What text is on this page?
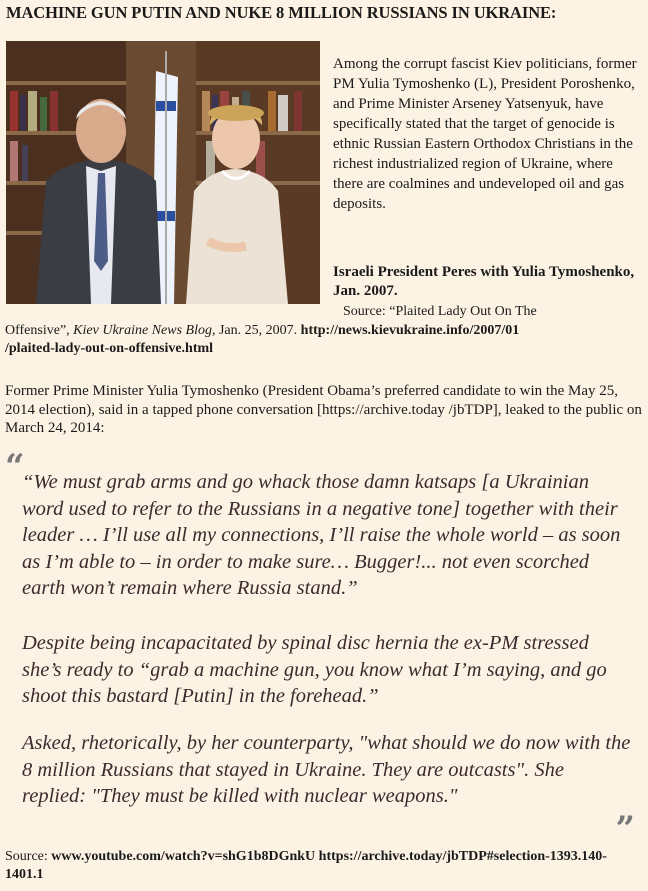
MACHINE GUN PUTIN AND NUKE 8 MILLION RUSSIANS IN UKRAINE:
Among the corrupt fascist Kiev politicians, former PM Yulia Tymoshenko (L), President Poroshenko, and Prime Minister Arseney Yatsenyuk, have specifically stated that the target of genocide is ethnic Russian Eastern Orthodox Christians in the richest industrialized region of Ukraine, where there are coalmines and undeveloped oil and gas deposits.
Israeli President Peres with Yulia Tymoshenko, Jan. 2007.
Source: “Plaited Lady Out On The
Offensive”, Kiev Ukraine News Blog, Jan. 25, 2007. http://news.kievukraine.info/2007/01
/plaited-lady-out-on-offensive.html
Former Prime Minister Yulia Tymoshenko (President Obama’s preferred candidate to win the May 25, 2014 election), said in a tapped phone conversation [https://archive.today /jbTDP], leaked to the public on March 24, 2014:
“

“We must grab arms and go whack those damn katsaps [a Ukrainian word used to refer to the Russians in a negative tone] together with their leader … I’ll use all my connections, I’ll raise the whole world – as soon as I’m able to – in order to make sure… Bugger!... not even scorched earth won’t remain where Russia stand.”

Despite being incapacitated by spinal disc hernia the ex-PM stressed she’s ready to “grab a machine gun, you know what I’m saying, and go shoot this bastard [Putin] in the forehead.”

Asked, rhetorically, by her counterparty, "what should we do now with the 8 million Russians that stayed in Ukraine. They are outcasts". She replied: "They must be killed with nuclear weapons."

”
Source: www.youtube.com/watch?v=shG1b8DGnkU https://archive.today/jbTDP#selection-1393.140-1401.1
